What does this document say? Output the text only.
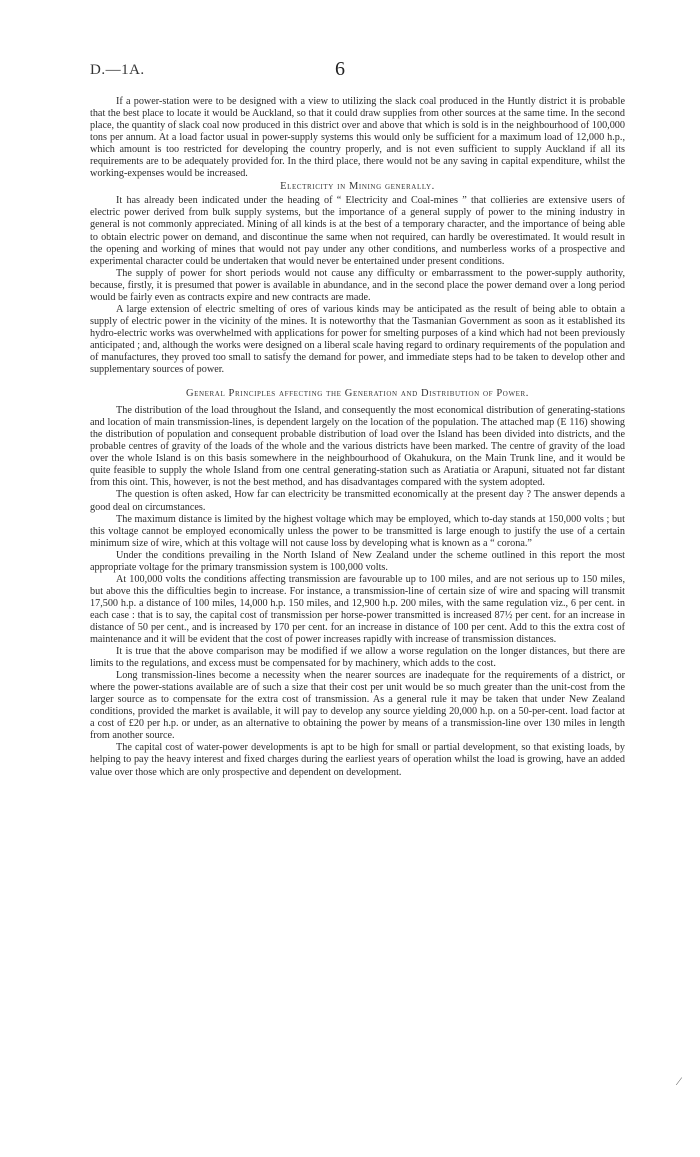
D.—1A.	6

If a power-station were to be designed with a view to utilizing the slack coal produced in the Huntly district it is probable that the best place to locate it would be Auckland, so that it could draw supplies from other sources at the same time. In the second place, the quantity of slack coal now produced in this district over and above that which is sold is in the neighbourhood of 100,000 tons per annum. At a load factor usual in power-supply systems this would only be sufficient for a maximum load of 12,000 h.p., which amount is too restricted for developing the country properly, and is not even sufficient to supply Auckland if all its requirements are to be adequately provided for. In the third place, there would not be any saving in capital expenditure, whilst the working-expenses would be increased.

Electricity in Mining generally.

It has already been indicated under the heading of “ Electricity and Coal-mines ” that collieries are extensive users of electric power derived from bulk supply systems, but the importance of a general supply of power to the mining industry in general is not commonly appreciated. Mining of all kinds is at the best of a temporary character, and the importance of being able to obtain electric power on demand, and discontinue the same when not required, can hardly be overestimated. It would result in the opening and working of mines that would not pay under any other conditions, and numberless works of a prospective and experimental character could be undertaken that would never be entertained under present conditions.

The supply of power for short periods would not cause any difficulty or embarrassment to the power-supply authority, because, firstly, it is presumed that power is available in abundance, and in the second place the power demand over a long period would be fairly even as contracts expire and new contracts are made.

A large extension of electric smelting of ores of various kinds may be anticipated as the result of being able to obtain a supply of electric power in the vicinity of the mines. It is noteworthy that the Tasmanian Government as soon as it established its hydro-electric works was overwhelmed with applications for power for smelting purposes of a kind which had not been previously anticipated ; and, although the works were designed on a liberal scale having regard to ordinary requirements of the population and of manufactures, they proved too small to satisfy the demand for power, and immediate steps had to be taken to develop other and supplementary sources of power.

General Principles affecting the Generation and Distribution of Power.

The distribution of the load throughout the Island, and consequently the most economical distribution of generating-stations and location of main transmission-lines, is dependent largely on the location of the population. The attached map (E 116) showing the distribution of population and consequent probable distribution of load over the Island has been divided into districts, and the probable centres of gravity of the loads of the whole and the various districts have been marked. The centre of gravity of the load over the whole Island is on this basis somewhere in the neighbourhood of Okahukura, on the Main Trunk line, and it would be quite feasible to supply the whole Island from one central generating-station such as Aratiatia or Arapuni, situated not far distant from this oint. This, however, is not the best method, and has disadvantages compared with the system adopted.

The question is often asked, How far can electricity be transmitted economically at the present day ? The answer depends a good deal on circumstances.

The maximum distance is limited by the highest voltage which may be employed, which to-day stands at 150,000 volts ; but this voltage cannot be employed economically unless the power to be transmitted is large enough to justify the use of a certain minimum size of wire, which at this voltage will not cause loss by developing what is known as a “ corona.”

Under the conditions prevailing in the North Island of New Zealand under the scheme outlined in this report the most appropriate voltage for the primary transmission system is 100,000 volts.

At 100,000 volts the conditions affecting transmission are favourable up to 100 miles, and are not serious up to 150 miles, but above this the difficulties begin to increase. For instance, a transmission-line of certain size of wire and spacing will transmit 17,500 h.p. a distance of 100 miles, 14,000 h.p. 150 miles, and 12,900 h.p. 200 miles, with the same regulation viz., 6 per cent. in each case : that is to say, the capital cost of transmission per horse-power transmitted is increased 87½ per cent. for an increase in distance of 50 per cent., and is increased by 170 per cent. for an increase in distance of 100 per cent. Add to this the extra cost of maintenance and it will be evident that the cost of power increases rapidly with increase of transmission distances.

It is true that the above comparison may be modified if we allow a worse regulation on the longer distances, but there are limits to the regulations, and excess must be compensated for by machinery, which adds to the cost.

Long transmission-lines become a necessity when the nearer sources are inadequate for the requirements of a district, or where the power-stations available are of such a size that their cost per unit would be so much greater than the unit-cost from the larger source as to compensate for the extra cost of transmission. As a general rule it may be taken that under New Zealand conditions, provided the market is available, it will pay to develop any source yielding 20,000 h.p. on a 50-per-cent. load factor at a cost of £20 per h.p. or under, as an alternative to obtaining the power by means of a transmission-line over 130 miles in length from another source.

The capital cost of water-power developments is apt to be high for small or partial development, so that existing loads, by helping to pay the heavy interest and fixed charges during the earliest years of operation whilst the load is growing, have an added value over those which are only prospective and dependent on development.

⁄
